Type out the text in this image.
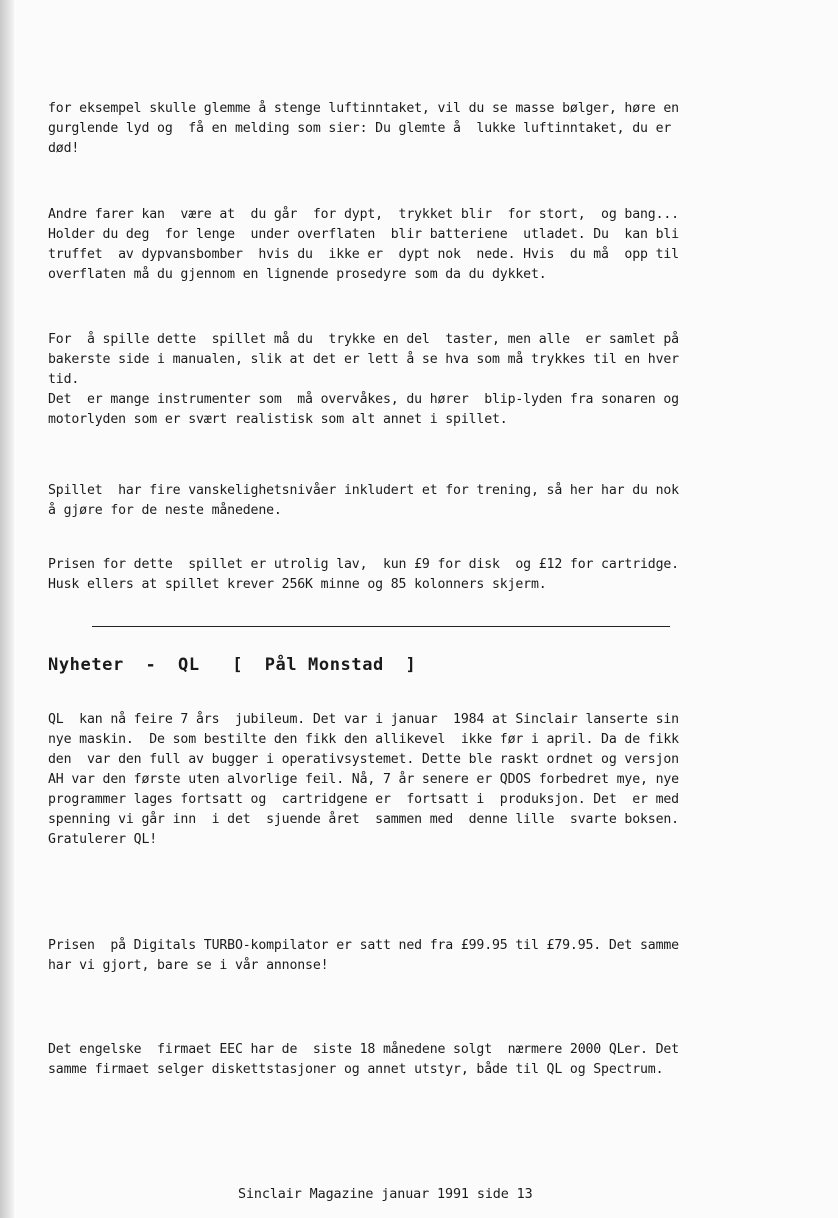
for eksempel skulle glemme å stenge luftinntaket, vil du se masse bølger, høre en
gurglende lyd og  få en melding som sier: Du glemte å  lukke luftinntaket, du er
død!
Andre farer kan  være at  du går  for dypt,  trykket blir  for stort,  og bang...
Holder du deg  for lenge  under overflaten  blir batteriene  utladet. Du  kan bli
truffet  av dypvansbomber  hvis du  ikke er  dypt nok  nede. Hvis  du må  opp til
overflaten må du gjennom en lignende prosedyre som da du dykket.
For  å spille dette  spillet må du  trykke en del  taster, men alle  er samlet på
bakerste side i manualen, slik at det er lett å se hva som må trykkes til en hver
tid.
Det  er mange instrumenter som  må overvåkes, du hører  blip-lyden fra sonaren og
motorlyden som er svært realistisk som alt annet i spillet.
Spillet  har fire vanskelighetsnivåer inkludert et for trening, så her har du nok
å gjøre for de neste månedene.
Prisen for dette  spillet er utrolig lav,  kun £9 for disk  og £12 for cartridge.
Husk ellers at spillet krever 256K minne og 85 kolonners skjerm.
Nyheter  -  QL   [  Pål Monstad  ]
QL  kan nå feire 7 års  jubileum. Det var i januar  1984 at Sinclair lanserte sin
nye maskin.  De som bestilte den fikk den allikevel  ikke før i april. Da de fikk
den  var den full av bugger i operativsystemet. Dette ble raskt ordnet og versjon
AH var den første uten alvorlige feil. Nå, 7 år senere er QDOS forbedret mye, nye
programmer lages fortsatt og  cartridgene er  fortsatt i  produksjon. Det  er med
spenning vi går inn  i det  sjuende året  sammen med  denne lille  svarte boksen.
Gratulerer QL!
Prisen  på Digitals TURBO-kompilator er satt ned fra £99.95 til £79.95. Det samme
har vi gjort, bare se i vår annonse!
Det engelske  firmaet EEC har de  siste 18 månedene solgt  nærmere 2000 QLer. Det
samme firmaet selger diskettstasjoner og annet utstyr, både til QL og Spectrum.
Sinclair Magazine januar 1991 side 13
